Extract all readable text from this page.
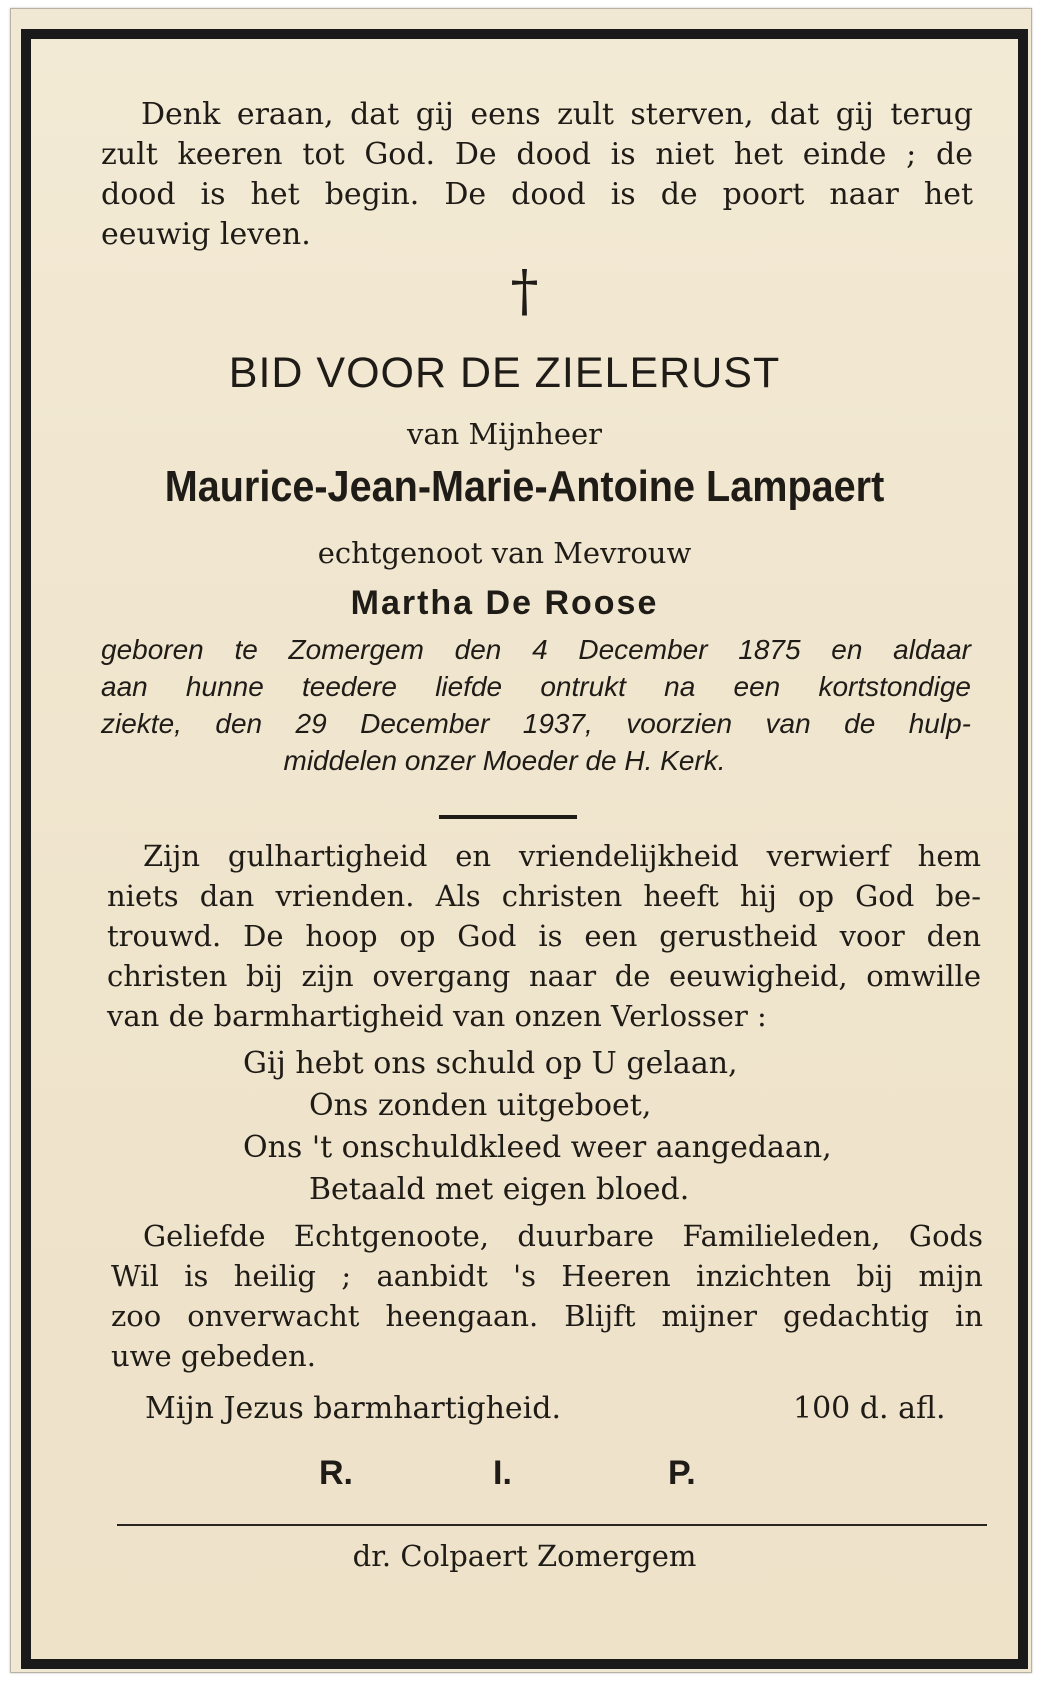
Denk eraan, dat gij eens zult sterven, dat gij terug
zult keeren tot God. De dood is niet het einde ; de
dood is het begin. De dood is de poort naar het
eeuwig leven.
†
BID VOOR DE ZIELERUST
van Mijnheer
Maurice-Jean-Marie-Antoine Lampaert
echtgenoot van Mevrouw
Martha De Roose
geboren te Zomergem den 4 December 1875 en aldaar
aan hunne teedere liefde ontrukt na een kortstondige
ziekte, den 29 December 1937, voorzien van de hulp-
middelen onzer Moeder de H. Kerk.
Zijn gulhartigheid en vriendelijkheid verwierf hem
niets dan vrienden. Als christen heeft hij op God be-
trouwd. De hoop op God is een gerustheid voor den
christen bij zijn overgang naar de eeuwigheid, omwille
van de barmhartigheid van onzen Verlosser :
Gij hebt ons schuld op U gelaan,
Ons zonden uitgeboet,
Ons 't onschuldkleed weer aangedaan,
Betaald met eigen bloed.
Geliefde Echtgenoote, duurbare Familieleden, Gods
Wil is heilig ; aanbidt 's Heeren inzichten bij mijn
zoo onverwacht heengaan. Blijft mijner gedachtig in
uwe gebeden.
Mijn Jezus barmhartigheid.	100 d. afl.
R.	I.	P.
dr. Colpaert Zomergem
